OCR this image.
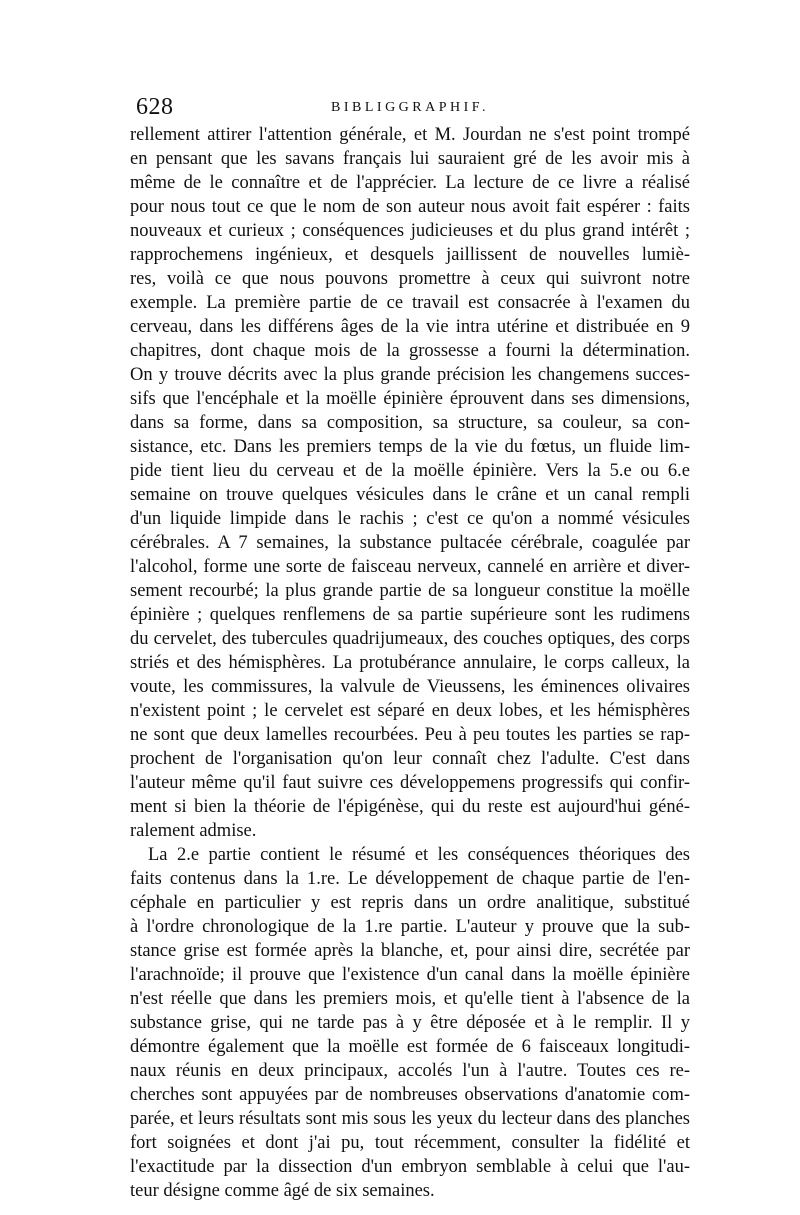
628	BIBLIGGRAPHIF.
rellement attirer l'attention générale, et M. Jourdan ne s'est point trompé
en pensant que les savans français lui sauraient gré de les avoir mis à
même de le connaître et de l'apprécier. La lecture de ce livre a réalisé
pour nous tout ce que le nom de son auteur nous avoit fait espérer : faits
nouveaux et curieux ; conséquences judicieuses et du plus grand intérêt ;
rapprochemens ingénieux, et desquels jaillissent de nouvelles lumiè-
res, voilà ce que nous pouvons promettre à ceux qui suivront notre
exemple. La première partie de ce travail est consacrée à l'examen du
cerveau, dans les différens âges de la vie intra utérine et distribuée en 9
chapitres, dont chaque mois de la grossesse a fourni la détermination.
On y trouve décrits avec la plus grande précision les changemens succes-
sifs que l'encéphale et la moëlle épinière éprouvent dans ses dimensions,
dans sa forme, dans sa composition, sa structure, sa couleur, sa con-
sistance, etc. Dans les premiers temps de la vie du fœtus, un fluide lim-
pide tient lieu du cerveau et de la moëlle épinière. Vers la 5.e ou 6.e
semaine on trouve quelques vésicules dans le crâne et un canal rempli
d'un liquide limpide dans le rachis ; c'est ce qu'on a nommé vésicules
cérébrales. A 7 semaines, la substance pultacée cérébrale, coagulée par
l'alcohol, forme une sorte de faisceau nerveux, cannelé en arrière et diver-
sement recourbé; la plus grande partie de sa longueur constitue la moëlle
épinière ; quelques renflemens de sa partie supérieure sont les rudimens
du cervelet, des tubercules quadrijumeaux, des couches optiques, des corps
striés et des hémisphères. La protubérance annulaire, le corps calleux, la
voute, les commissures, la valvule de Vieussens, les éminences olivaires
n'existent point ; le cervelet est séparé en deux lobes, et les hémisphères
ne sont que deux lamelles recourbées. Peu à peu toutes les parties se rap-
prochent de l'organisation qu'on leur connaît chez l'adulte. C'est dans
l'auteur même qu'il faut suivre ces développemens progressifs qui confir-
ment si bien la théorie de l'épigénèse, qui du reste est aujourd'hui géné-
ralement admise.
La 2.e partie contient le résumé et les conséquences théoriques des
faits contenus dans la 1.re. Le développement de chaque partie de l'en-
céphale en particulier y est repris dans un ordre analitique, substitué
à l'ordre chronologique de la 1.re partie. L'auteur y prouve que la sub-
stance grise est formée après la blanche, et, pour ainsi dire, secrétée par
l'arachnoïde; il prouve que l'existence d'un canal dans la moëlle épinière
n'est réelle que dans les premiers mois, et qu'elle tient à l'absence de la
substance grise, qui ne tarde pas à y être déposée et à le remplir. Il y
démontre également que la moëlle est formée de 6 faisceaux longitudi-
naux réunis en deux principaux, accolés l'un à l'autre. Toutes ces re-
cherches sont appuyées par de nombreuses observations d'anatomie com-
parée, et leurs résultats sont mis sous les yeux du lecteur dans des planches
fort soignées et dont j'ai pu, tout récemment, consulter la fidélité et
l'exactitude par la dissection d'un embryon semblable à celui que l'au-
teur désigne comme âgé de six semaines.
